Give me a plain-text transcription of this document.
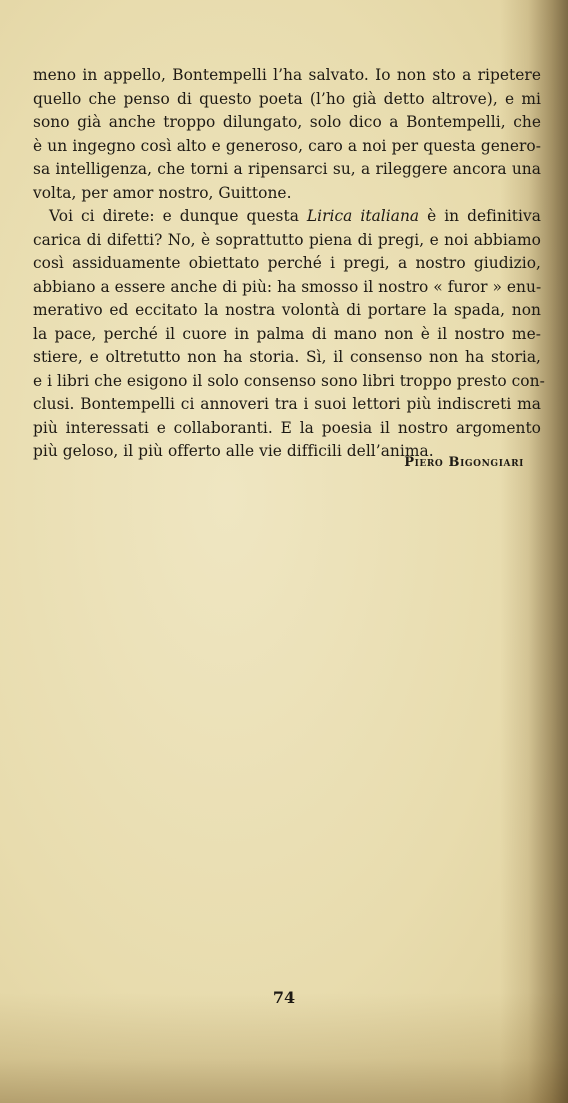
meno in appello, Bontempelli l’ha salvato. Io non sto a ripetere
quello che penso di questo poeta (l’ho già detto altrove), e mi
sono già anche troppo dilungato, solo dico a Bontempelli, che
è un ingegno così alto e generoso, caro a noi per questa genero-
sa intelligenza, che torni a ripensarci su, a rileggere ancora una
volta, per amor nostro, Guittone.

Voi ci direte: e dunque questa Lirica italiana è in definitiva
carica di difetti? No, è soprattutto piena di pregi, e noi abbiamo
così assiduamente obiettato perché i pregi, a nostro giudizio,
abbiano a essere anche di più: ha smosso il nostro « furor » enu-
merativo ed eccitato la nostra volontà di portare la spada, non
la pace, perché il cuore in palma di mano non è il nostro me-
stiere, e oltretutto non ha storia. Sì, il consenso non ha storia,
e i libri che esigono il solo consenso sono libri troppo presto con-
clusi. Bontempelli ci annoveri tra i suoi lettori più indiscreti ma
più interessati e collaboranti. E la poesia il nostro argomento
più geloso, il più offerto alle vie difficili dell’anima.

Piero Bigongiari
74
